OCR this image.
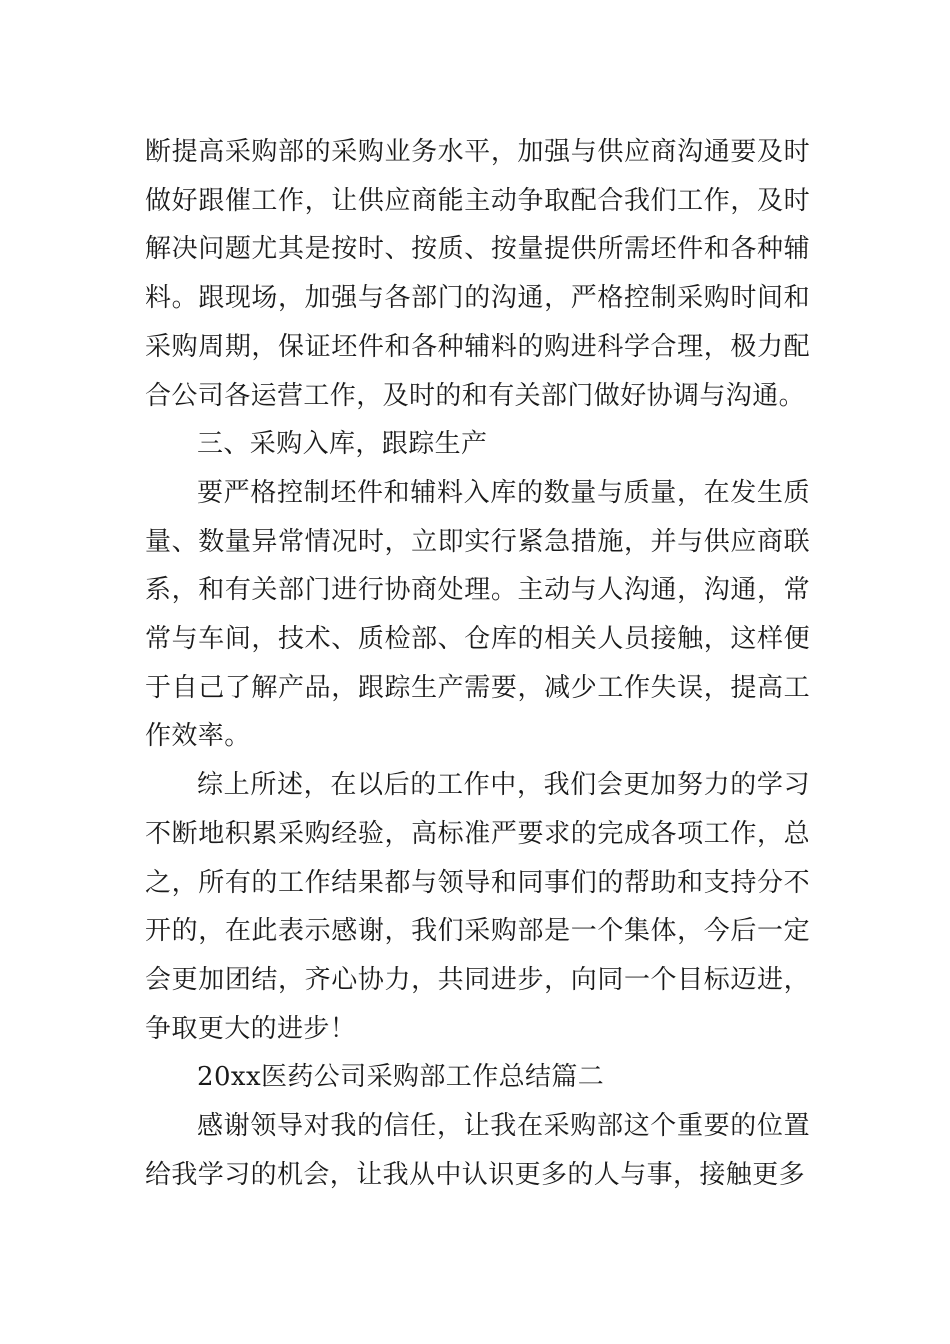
断提高采购部的采购业务水平，加强与供应商沟通要及时做好跟催工作，让供应商能主动争取配合我们工作，及时解决问题尤其是按时、按质、按量提供所需坯件和各种辅料。跟现场，加强与各部门的沟通，严格控制采购时间和采购周期，保证坯件和各种辅料的购进科学合理，极力配合公司各运营工作，及时的和有关部门做好协调与沟通。

三、采购入库，跟踪生产

要严格控制坯件和辅料入库的数量与质量，在发生质量、数量异常情况时，立即实行紧急措施，并与供应商联系，和有关部门进行协商处理。主动与人沟通，沟通，常常与车间，技术、质检部、仓库的相关人员接触，这样便于自己了解产品，跟踪生产需要，减少工作失误，提高工作效率。

综上所述，在以后的工作中，我们会更加努力的学习不断地积累采购经验，高标准严要求的完成各项工作，总之，所有的工作结果都与领导和同事们的帮助和支持分不开的，在此表示感谢，我们采购部是一个集体，今后一定会更加团结，齐心协力，共同进步，向同一个目标迈进，争取更大的进步！

20xx医药公司采购部工作总结篇二

感谢领导对我的信任，让我在采购部这个重要的位置给我学习的机会，让我从中认识更多的人与事，接触更多
